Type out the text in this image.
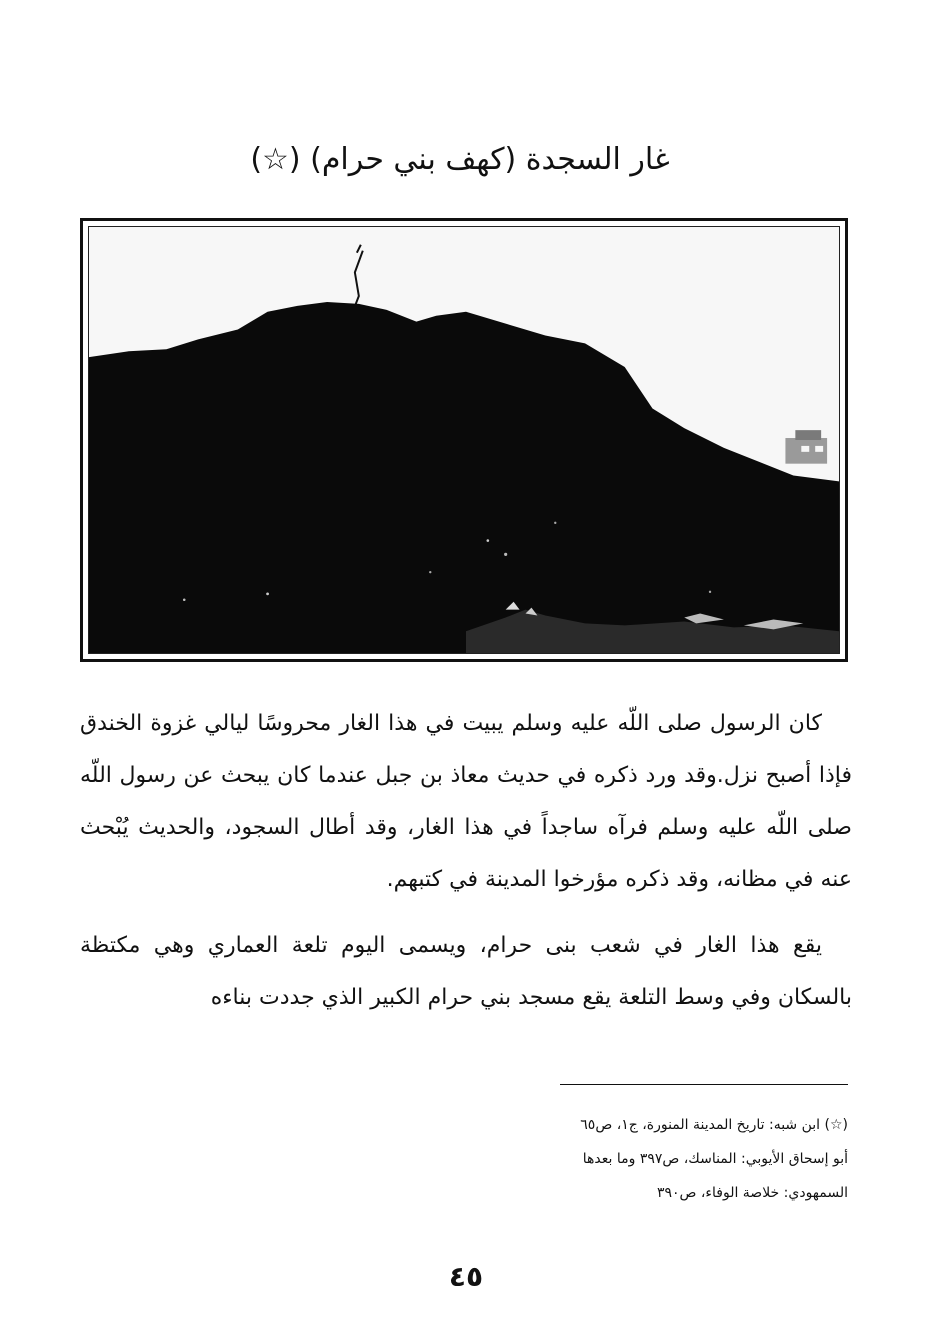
غار السجدة (كهف بني حرام) (☆)

كان الرسول صلى اللّه عليه وسلم يبيت في هذا الغار محروسًا ليالي غزوة الخندق فإذا أصبح نزل.وقد ورد ذكره في حديث معاذ بن جبل عندما كان يبحث عن رسول اللّه صلى اللّه عليه وسلم فرآه ساجداً في هذا الغار، وقد أطال السجود، والحديث يُبْحث عنه في مظانه، وقد ذكره مؤرخوا المدينة في كتبهم.

يقع هذا الغار في شعب بنى حرام، ويسمى اليوم تلعة العماري وهي مكتظة بالسكان وفي وسط التلعة يقع مسجد بني حرام الكبير الذي جددت بناءه

(☆) ابن شبه: تاريخ المدينة المنورة، ج١، ص٦٥
أبو إسحاق الأيوبي: المناسك، ص٣٩٧ وما بعدها
السمهودي: خلاصة الوفاء، ص٣٩٠
٤٥
